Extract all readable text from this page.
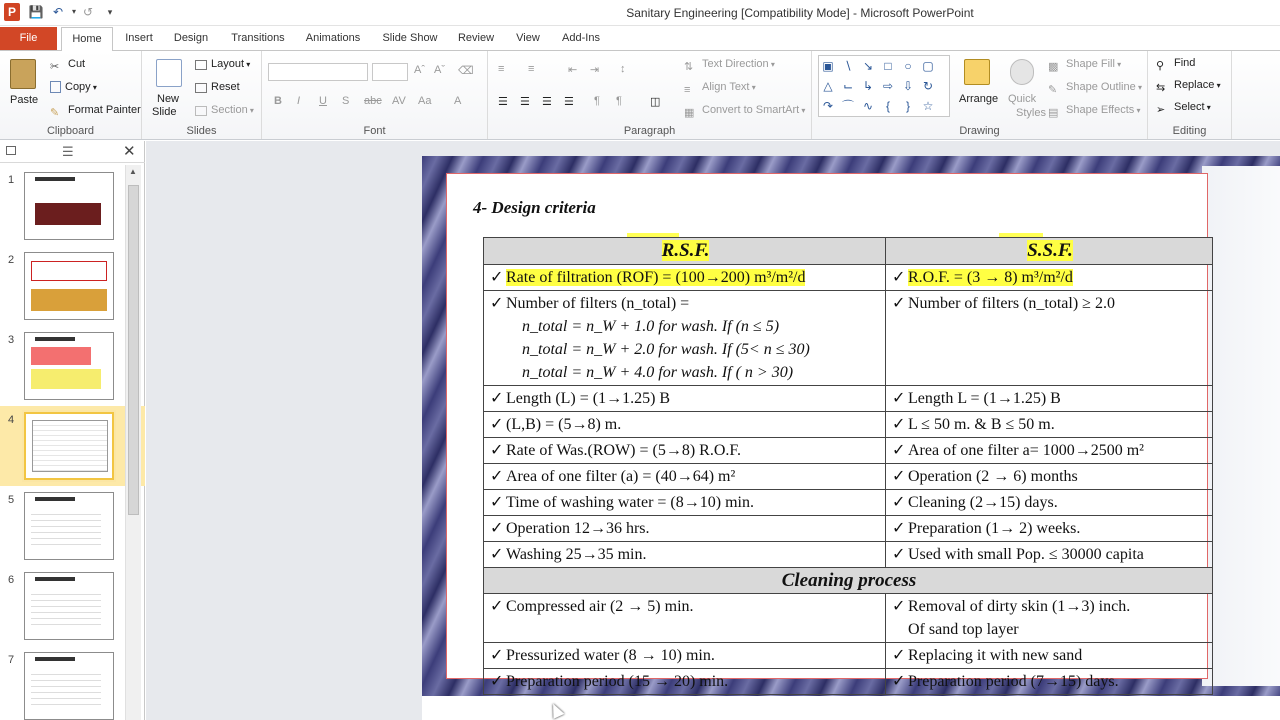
P	💾 ↶	▾ ↺	▾	Sanitary Engineering [Compatibility Mode] - Microsoft PowerPoint
File	Home	Insert	Design	Transitions	Animations	Slide Show	Review	View	Add-Ins
Paste
✂ Cut
Copy ▾
✎ Format Painter
Clipboard
New
Slide
Layout ▾
Reset
Section ▾
Slides
Aˆ Aˇ ⌫
B I U S abc AV Aa A
Font
≡ ≡	⇤ ⇥ ↕
☰ ☰ ☰ ☰ ¶ ¶	◫
⇅ Text Direction ▾
≡ Align Text ▾
▦ Convert to SmartArt ▾
Paragraph
▣ ∖ ↘ □ ○ ▢
△ ⌙ ↳ ⇨ ⇩ ↻
↷ ⌒ ∿	{	}	☆ Arrange Quick
Styles
▩ Shape Fill ▾
✎ Shape Outline ▾
▤ Shape Effects ▾
Drawing
⚲ Find
⇆ Replace ▾
➢ Select ▾
Editing
☰	✕
1
2
3
4
5
6
7
▲
4- Design criteria
R.S.F.	S.S.F.
✓ Rate of filtration (ROF) = (100→200) m³/m²/d	✓ R.O.F. = (3 → 8) m³/m²/d

✓ Number of filters (n_total) =
n_total = n_W + 1.0 for wash. If (n ≤ 5)
n_total = n_W + 2.0 for wash. If (5< n ≤ 30)
n_total = n_W + 4.0 for wash. If ( n > 30)	✓ Number of filters (n_total) ≥ 2.0
✓ Length (L) = (1→1.25) B	✓ Length L = (1→1.25) B
✓ (L,B) = (5→8) m.	✓ L ≤ 50 m. & B ≤ 50 m.
✓ Rate of Was.(ROW) = (5→8) R.O.F.	✓ Area of one filter a= 1000→2500 m²
✓ Area of one filter (a) = (40→64) m²	✓ Operation (2 → 6) months
✓ Time of washing water = (8→10) min.	✓ Cleaning (2→15) days.
✓ Operation 12→36 hrs.	✓ Preparation (1→ 2) weeks.
✓ Washing 25→35 min.	✓ Used with small Pop. ≤ 30000 capita
Cleaning process	
✓ Compressed air (2 → 5) min.	✓ Removal of dirty skin (1→3) inch.
Of sand top layer

✓ Pressurized water (8 → 10) min.	✓ Replacing it with new sand
✓ Preparation period (15 → 20) min.	✓ Preparation period (7→15) days.
